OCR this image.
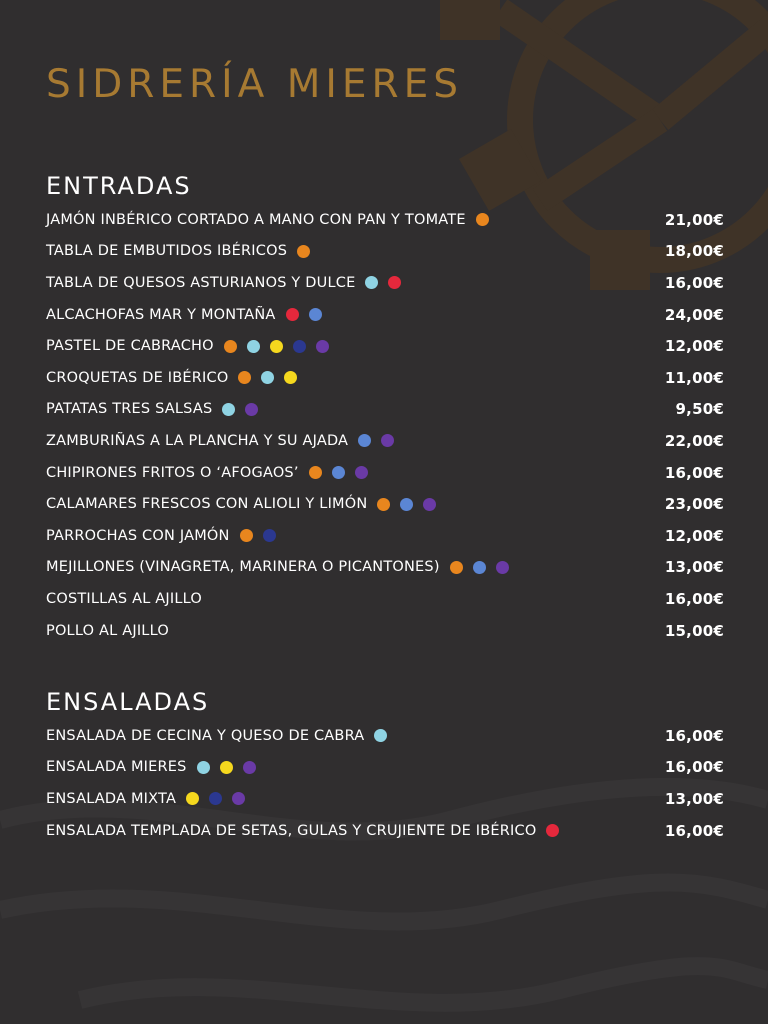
SIDRERÍA MIERES
ENTRADAS
JAMÓN INBÉRICO CORTADO A MANO CON PAN Y TOMATE	21,00€
TABLA DE EMBUTIDOS IBÉRICOS	18,00€
TABLA DE QUESOS ASTURIANOS Y DULCE	16,00€
ALCACHOFAS MAR Y MONTAÑA	24,00€
PASTEL DE CABRACHO	12,00€
CROQUETAS DE IBÉRICO	11,00€
PATATAS TRES SALSAS	9,50€
ZAMBURIÑAS A LA PLANCHA Y SU AJADA	22,00€
CHIPIRONES FRITOS O ‘AFOGAOS’	16,00€
CALAMARES FRESCOS CON ALIOLI Y LIMÓN	23,00€
PARROCHAS CON JAMÓN	12,00€
MEJILLONES (VINAGRETA, MARINERA O PICANTONES)	13,00€
COSTILLAS AL AJILLO	16,00€
POLLO AL AJILLO	15,00€
ENSALADAS
ENSALADA DE CECINA Y QUESO DE CABRA	16,00€
ENSALADA MIERES	16,00€
ENSALADA MIXTA	13,00€
ENSALADA TEMPLADA DE SETAS, GULAS Y CRUJIENTE DE IBÉRICO	16,00€
